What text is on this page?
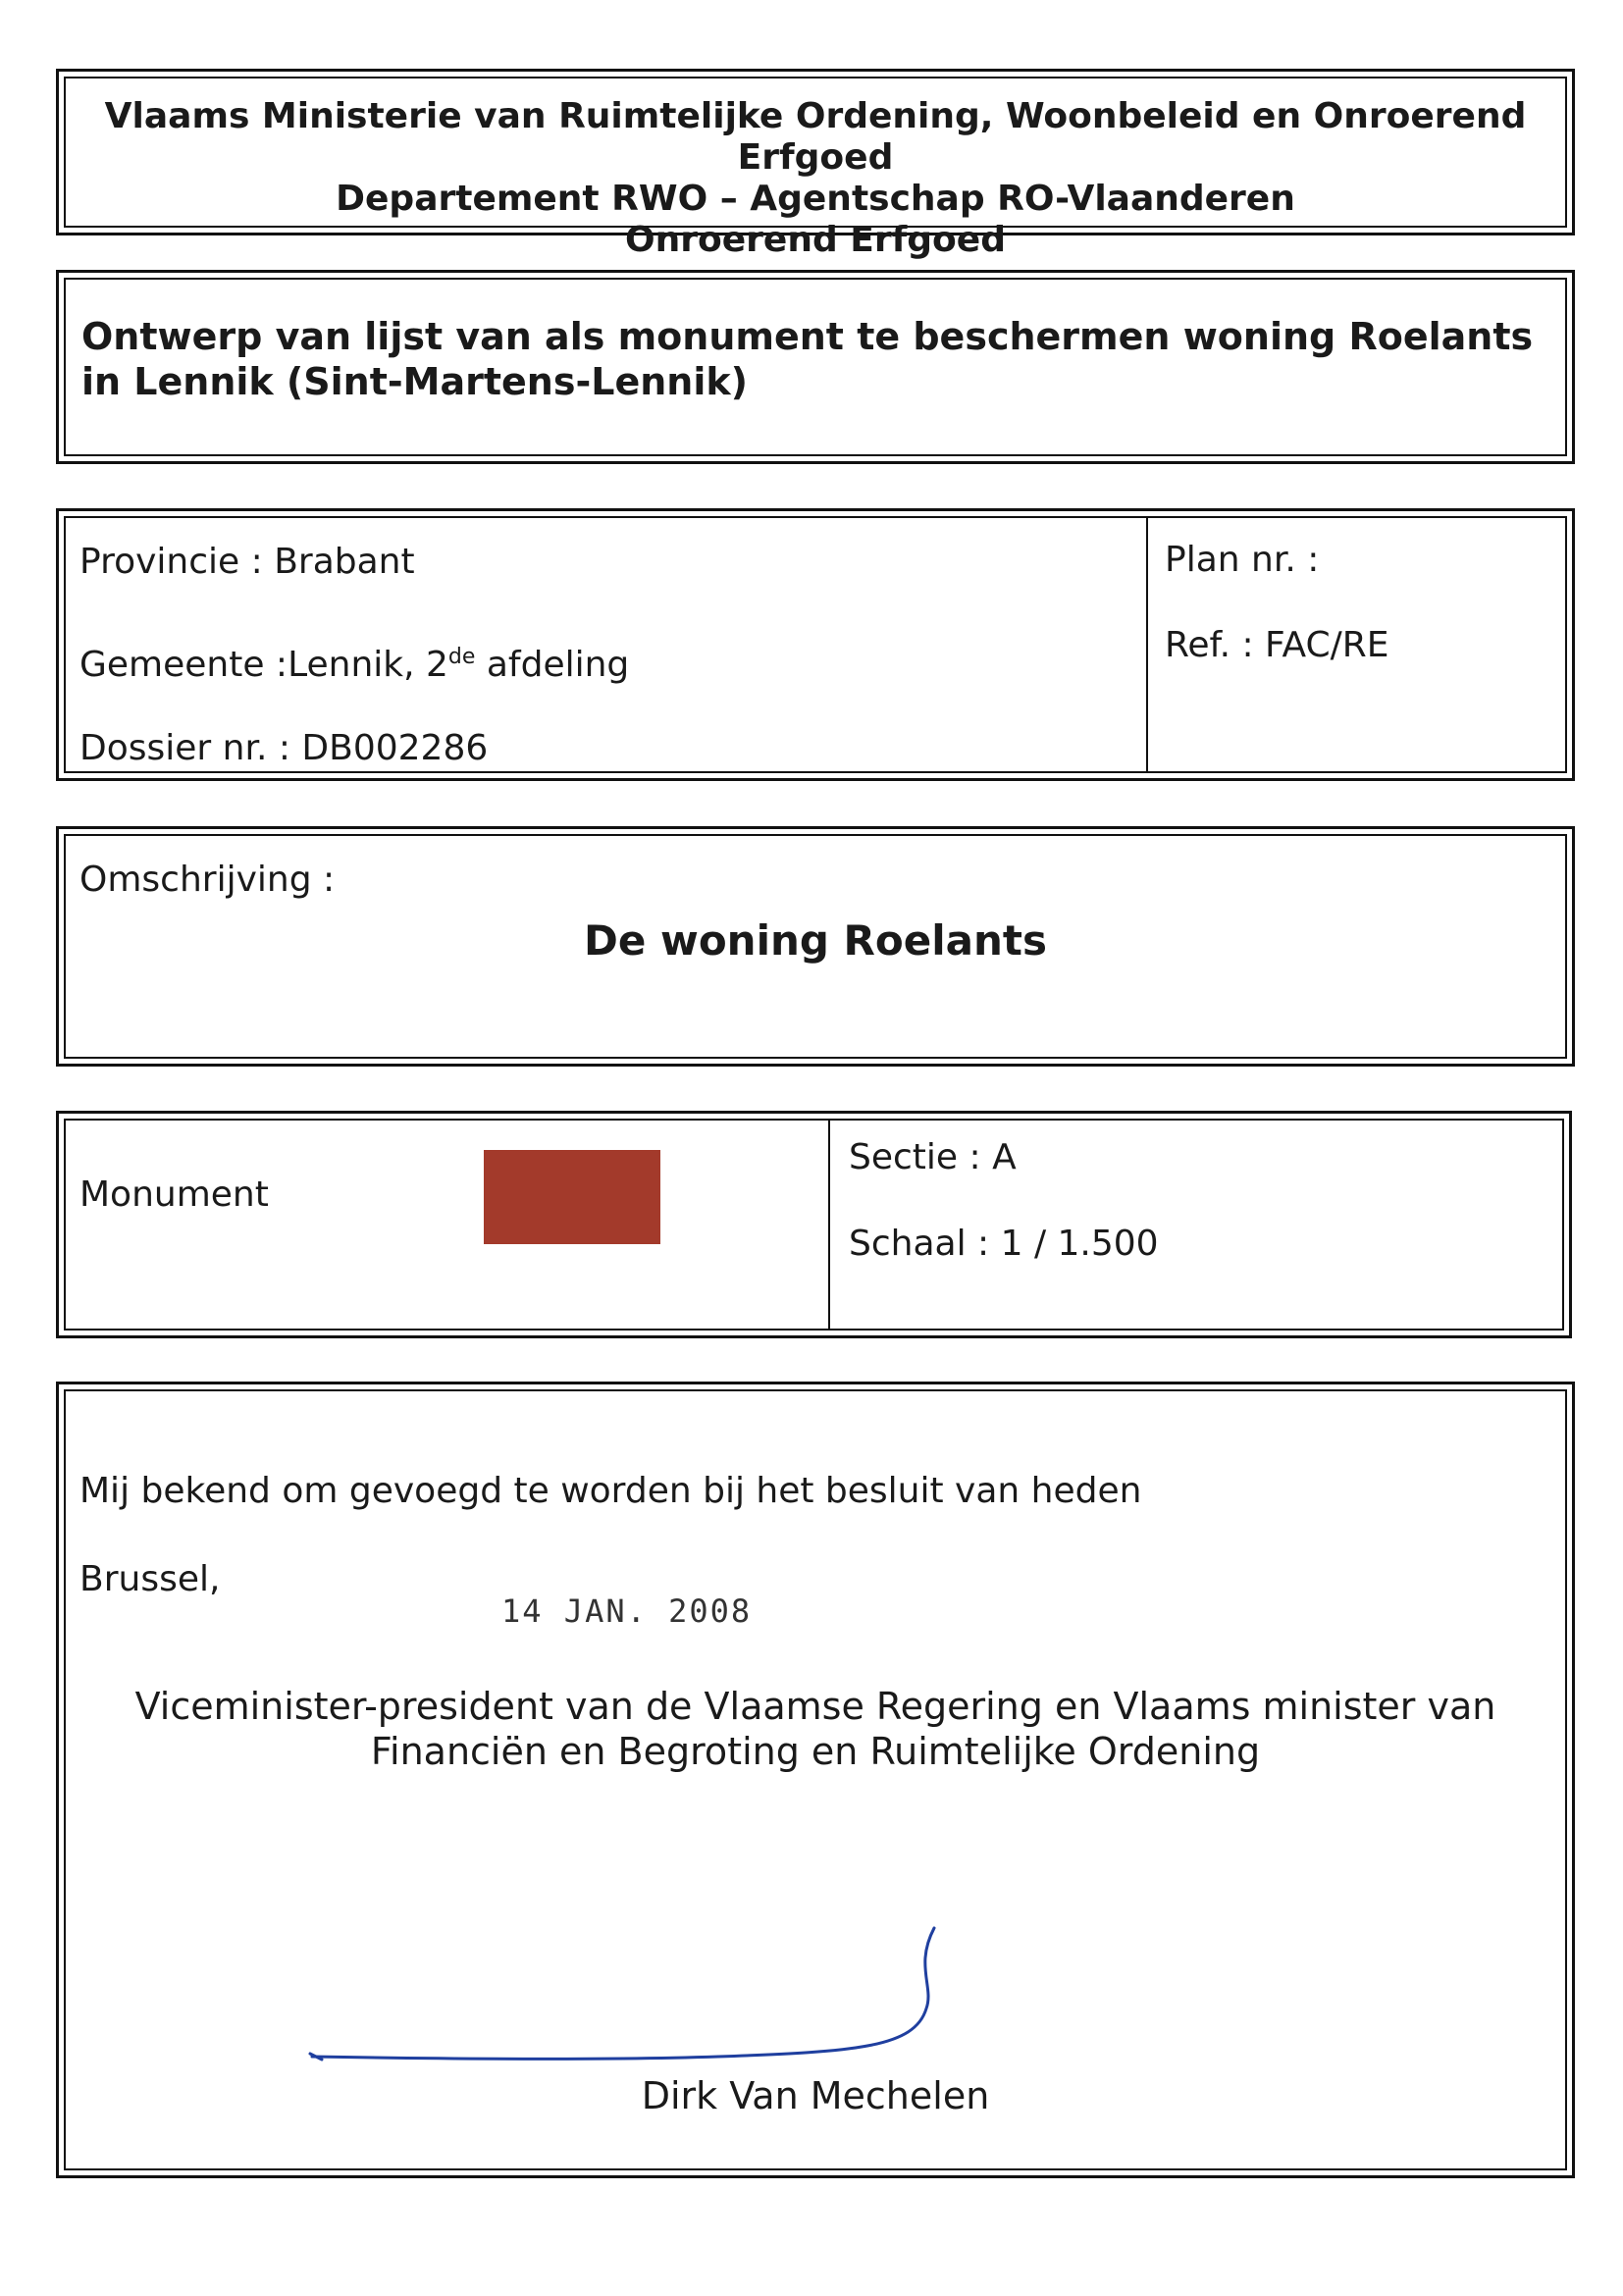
Vlaams Ministerie van Ruimtelijke Ordening, Woonbeleid en Onroerend Erfgoed
Departement RWO – Agentschap RO-Vlaanderen
Onroerend Erfgoed
Ontwerp van lijst van als monument te beschermen woning Roelants in Lennik (Sint-Martens-Lennik)
Provincie : Brabant
Gemeente :Lennik, 2de afdeling
Dossier nr. : DB002286
Plan nr. :
Ref. : FAC/RE
Omschrijving :
De woning Roelants
Monument
Sectie : A
Schaal : 1 / 1.500
Mij bekend om gevoegd te worden bij het besluit van heden
Brussel,
14 JAN. 2008
Viceminister-president van de Vlaamse Regering en Vlaams minister van
Financiën en Begroting en Ruimtelijke Ordening
Dirk Van Mechelen
